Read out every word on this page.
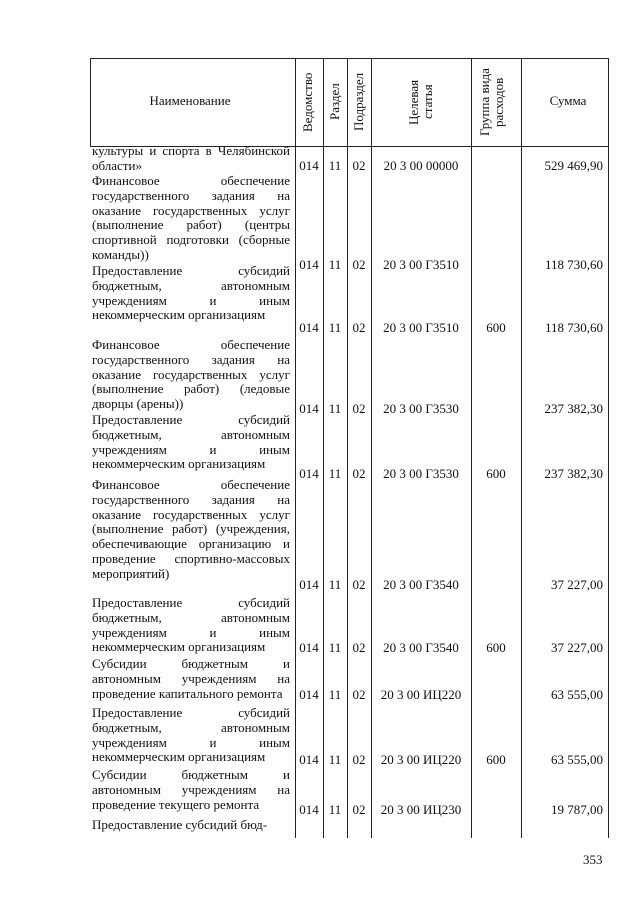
Наименование	Ведомство Раздел Подраздел	Целевая статья	Группа вида расходов	Сумма
культуры и спорта в Челябинской области»
Финансовое обеспечение государственного задания на оказание государственных услуг (выполнение работ) (центры спортивной подготовки (сборные команды))
014 11 02	20 3 00 00000	529 469,90
Предоставление субсидий бюджетным, автономным учреждениям и иным некоммерческим организациям
014 11 02	20 3 00 Г3510	118 730,60
Финансовое обеспечение государственного задания на оказание государственных услуг (выполнение работ) (ледовые дворцы (арены))
014 11 02	20 3 00 Г3510	600	118 730,60
Предоставление субсидий бюджетным, автономным учреждениям и иным некоммерческим организациям
014 11 02	20 3 00 Г3530	237 382,30
Финансовое обеспечение государственного задания на оказание государственных услуг (выполнение работ) (учреждения, обеспечивающие организацию и проведение спортивно-массовых мероприятий)
014 11 02	20 3 00 Г3530	600	237 382,30
Предоставление субсидий бюджетным, автономным учреждениям и иным некоммерческим организациям
014 11 02	20 3 00 Г3540	37 227,00
Субсидии бюджетным и автономным учреждениям на проведение капитального ремонта
014 11 02	20 3 00 Г3540	600	37 227,00
Предоставление субсидий бюджетным, автономным учреждениям и иным некоммерческим организациям
014 11 02	20 3 00 ИЦ220	63 555,00
Субсидии бюджетным и автономным учреждениям на проведение текущего ремонта
014 11 02	20 3 00 ИЦ220	600	63 555,00
Предоставление субсидий бюд-
014 11 02	20 3 00 ИЦ230	19 787,00
353
